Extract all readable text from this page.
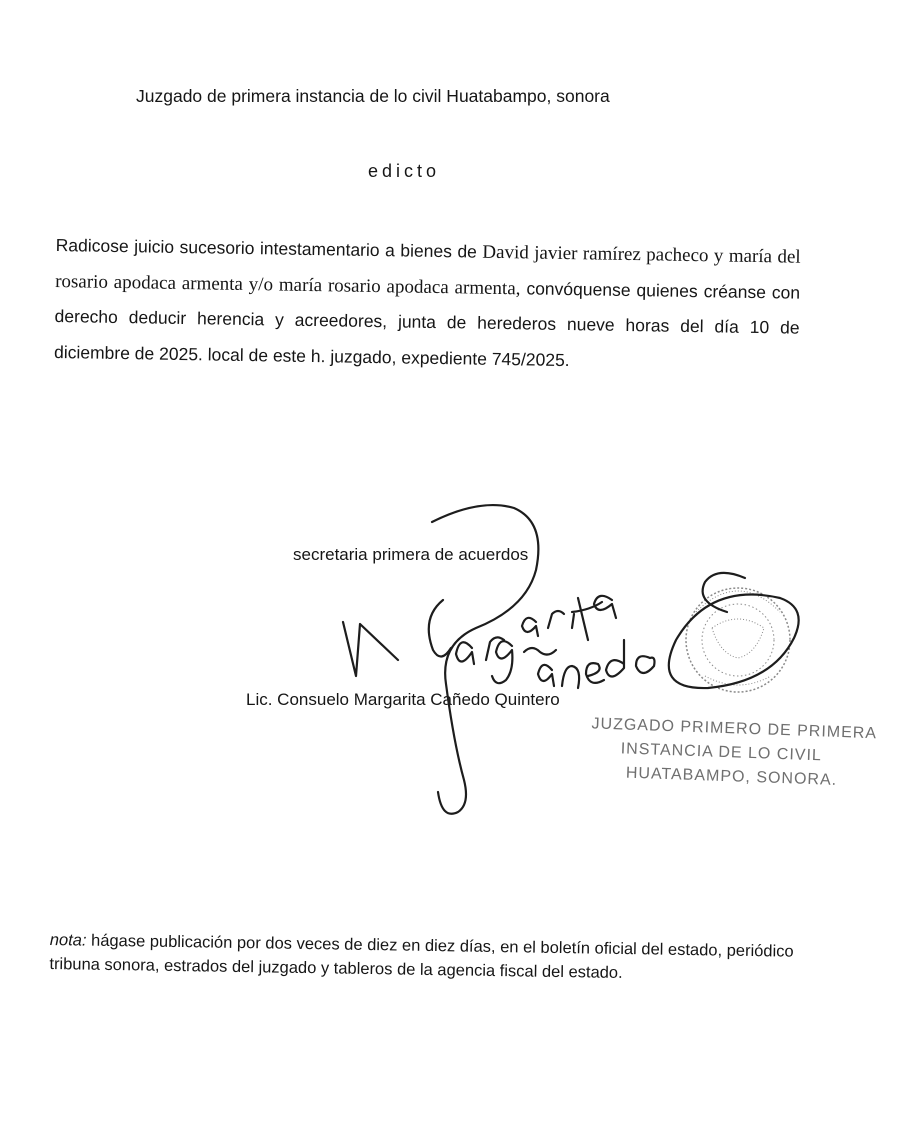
Juzgado de primera instancia de lo civil Huatabampo, sonora
edicto

Radicose juicio sucesorio intestamentario a bienes de David javier ramírez pacheco y maría del rosario apodaca armenta y/o maría rosario apodaca armenta, convóquense quienes créanse con derecho deducir herencia y acreedores, junta de herederos nueve horas del día 10 de diciembre de 2025. local de este h. juzgado, expediente 745/2025.

secretaria primera de acuerdos
Lic. Consuelo Margarita Cañedo Quintero
JUZGADO PRIMERO DE PRIMERA
INSTANCIA DE LO CIVIL
HUATABAMPO, SONORA.

nota: hágase publicación por dos veces de diez en diez días, en el boletín oficial del estado, periódico tribuna sonora, estrados del juzgado y tableros de la agencia fiscal del estado.
